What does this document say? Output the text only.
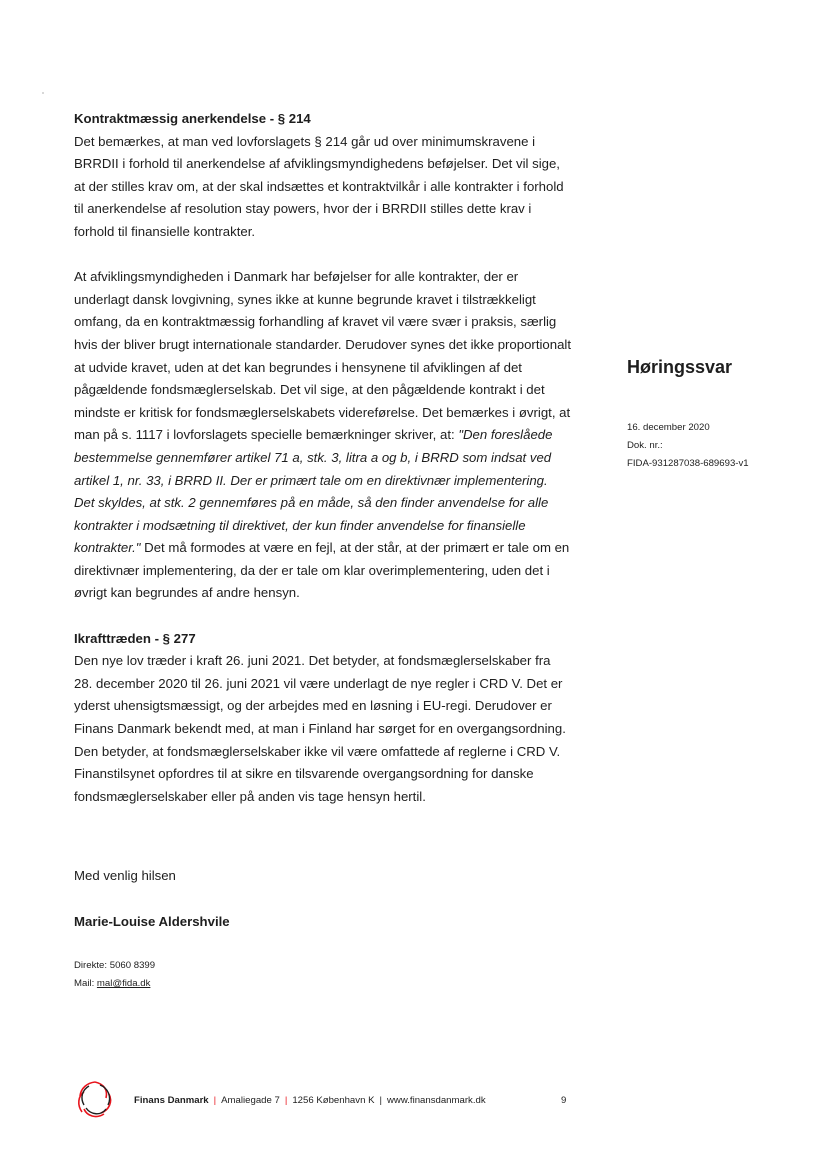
Kontraktmæssig anerkendelse - § 214

Det bemærkes, at man ved lovforslagets § 214 går ud over minimumskravene i BRRDII i forhold til anerkendelse af afviklingsmyndighedens beføjelser. Det vil sige, at der stilles krav om, at der skal indsættes et kontraktvilkår i alle kontrakter i forhold til anerkendelse af resolution stay powers, hvor der i BRRDII stilles dette krav i forhold til finansielle kontrakter.

At afviklingsmyndigheden i Danmark har beføjelser for alle kontrakter, der er underlagt dansk lovgivning, synes ikke at kunne begrunde kravet i tilstrækkeligt omfang, da en kontraktmæssig forhandling af kravet vil være svær i praksis, særlig hvis der bliver brugt internationale standarder. Derudover synes det ikke proportionalt at udvide kravet, uden at det kan begrundes i hensynene til afviklingen af det pågældende fondsmæglerselskab. Det vil sige, at den pågældende kontrakt i det mindste er kritisk for fondsmæglerselskabets videreførelse. Det bemærkes i øvrigt, at man på s. 1117 i lovforslagets specielle bemærkninger skriver, at: "Den foreslåede bestemmelse gennemfører artikel 71 a, stk. 3, litra a og b, i BRRD som indsat ved artikel 1, nr. 33, i BRRD II. Der er primært tale om en direktivnær implementering. Det skyldes, at stk. 2 gennemføres på en måde, så den finder anvendelse for alle kontrakter i modsætning til direktivet, der kun finder anvendelse for finansielle kontrakter." Det må formodes at være en fejl, at der står, at der primært er tale om en direktivnær implementering, da der er tale om klar overimplementering, uden det i øvrigt kan begrundes af andre hensyn.

Ikrafttræden - § 277

Den nye lov træder i kraft 26. juni 2021. Det betyder, at fondsmæglerselskaber fra 28. december 2020 til 26. juni 2021 vil være underlagt de nye regler i CRD V. Det er yderst uhensigtsmæssigt, og der arbejdes med en løsning i EU-regi. Derudover er Finans Danmark bekendt med, at man i Finland har sørget for en overgangsordning. Den betyder, at fondsmæglerselskaber ikke vil være omfattede af reglerne i CRD V. Finanstilsynet opfordres til at sikre en tilsvarende overgangsordning for danske fondsmæglerselskaber eller på anden vis tage hensyn hertil.

Høringssvar
16. december 2020
Dok. nr.:
FIDA-931287038-689693-v1
Med venlig hilsen
Marie-Louise Aldershvile
Direkte: 5060 8399
Mail: mal@fida.dk
Finans Danmark | Amaliegade 7 | 1256 København K | www.finansdanmark.dk	9
